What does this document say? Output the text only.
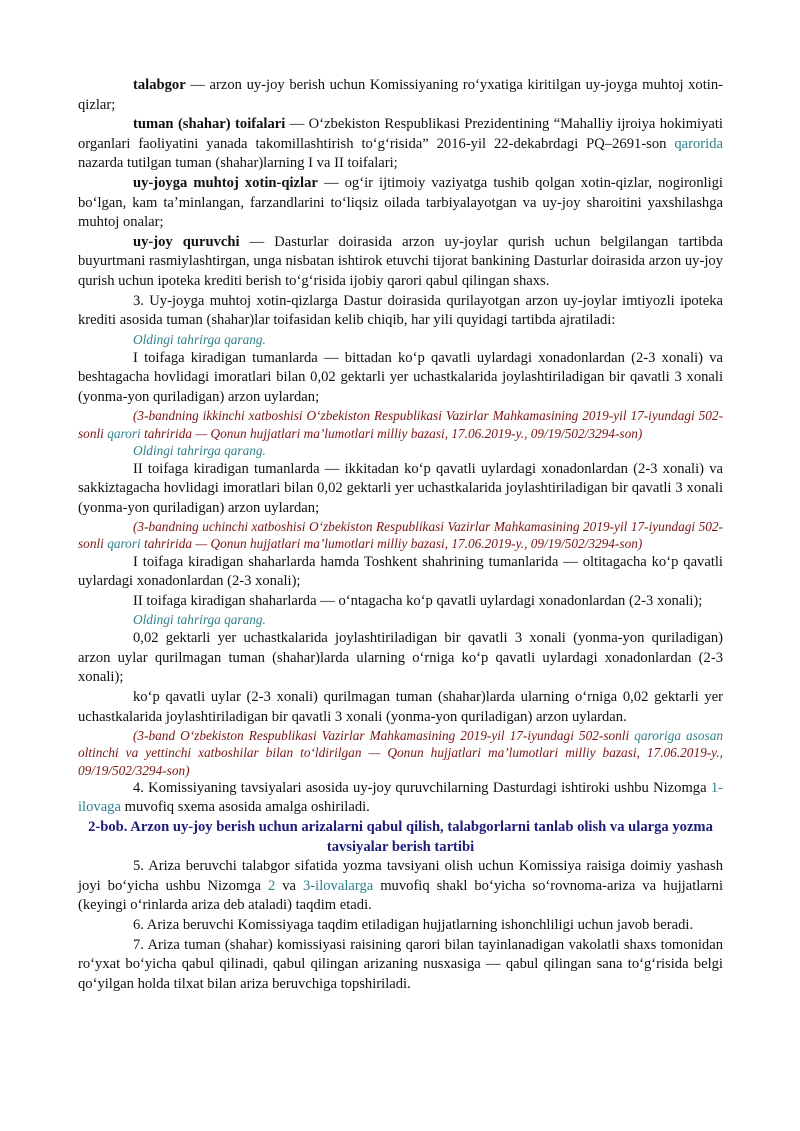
talabgor — arzon uy-joy berish uchun Komissiyaning roʻyxatiga kiritilgan uy-joyga muhtoj xotin-qizlar;

tuman (shahar) toifalari — Oʻzbekiston Respublikasi Prezidentining “Mahalliy ijroiya hokimiyati organlari faoliyatini yanada takomillashtirish toʻgʻrisida” 2016-yil 22-dekabrdagi PQ–2691-son qarorida nazarda tutilgan tuman (shahar)larning I va II toifalari;

uy-joyga muhtoj xotin-qizlar — ogʻir ijtimoiy vaziyatga tushib qolgan xotin-qizlar, nogironligi boʻlgan, kam taʼminlangan, farzandlarini toʻliqsiz oilada tarbiyalayotgan va uy-joy sharoitini yaxshilashga muhtoj onalar;

uy-joy quruvchi — Dasturlar doirasida arzon uy-joylar qurish uchun belgilangan tartibda buyurtmani rasmiylashtirgan, unga nisbatan ishtirok etuvchi tijorat bankining Dasturlar doirasida arzon uy-joy qurish uchun ipoteka krediti berish toʻgʻrisida ijobiy qarori qabul qilingan shaxs.

3. Uy-joyga muhtoj xotin-qizlarga Dastur doirasida qurilayotgan arzon uy-joylar imtiyozli ipoteka krediti asosida tuman (shahar)lar toifasidan kelib chiqib, har yili quyidagi tartibda ajratiladi:

Oldingi tahrirga qarang.

I toifaga kiradigan tumanlarda — bittadan koʻp qavatli uylardagi xonadonlardan (2-3 xonali) va beshtagacha hovlidagi imoratlari bilan 0,02 gektarli yer uchastkalarida joylashtiriladigan bir qavatli 3 xonali (yonma-yon quriladigan) arzon uylardan;

(3-bandning ikkinchi xatboshisi Oʻzbekiston Respublikasi Vazirlar Mahkamasining 2019-yil 17-iyundagi 502-sonli qarori tahririda — Qonun hujjatlari maʼlumotlari milliy bazasi, 17.06.2019-y., 09/19/502/3294-son)
Oldingi tahrirga qarang.

II toifaga kiradigan tumanlarda — ikkitadan koʻp qavatli uylardagi xonadonlardan (2-3 xonali) va sakkiztagacha hovlidagi imoratlari bilan 0,02 gektarli yer uchastkalarida joylashtiriladigan bir qavatli 3 xonali (yonma-yon quriladigan) arzon uylardan;

(3-bandning uchinchi xatboshisi Oʻzbekiston Respublikasi Vazirlar Mahkamasining 2019-yil 17-iyundagi 502-sonli qarori tahririda — Qonun hujjatlari maʼlumotlari milliy bazasi, 17.06.2019-y., 09/19/502/3294-son)

I toifaga kiradigan shaharlarda hamda Toshkent shahrining tumanlarida — oltitagacha koʻp qavatli uylardagi xonadonlardan (2-3 xonali);

II toifaga kiradigan shaharlarda — oʻntagacha koʻp qavatli uylardagi xonadonlardan (2-3 xonali);

Oldingi tahrirga qarang.

0,02 gektarli yer uchastkalarida joylashtiriladigan bir qavatli 3 xonali (yonma-yon quriladigan) arzon uylar qurilmagan tuman (shahar)larda ularning oʻrniga koʻp qavatli uylardagi xonadonlardan (2-3 xonali);

koʻp qavatli uylar (2-3 xonali) qurilmagan tuman (shahar)larda ularning oʻrniga 0,02 gektarli yer uchastkalarida joylashtiriladigan bir qavatli 3 xonali (yonma-yon quriladigan) arzon uylardan.

(3-band Oʻzbekiston Respublikasi Vazirlar Mahkamasining 2019-yil 17-iyundagi 502-sonli qaroriga asosan oltinchi va yettinchi xatboshilar bilan toʻldirilgan — Qonun hujjatlari maʼlumotlari milliy bazasi, 17.06.2019-y., 09/19/502/3294-son)

4. Komissiyaning tavsiyalari asosida uy-joy quruvchilarning Dasturdagi ishtiroki ushbu Nizomga 1-ilovaga muvofiq sxema asosida amalga oshiriladi.

2-bob. Arzon uy-joy berish uchun arizalarni qabul qilish, talabgorlarni tanlab olish va ularga yozma tavsiyalar berish tartibi

5. Ariza beruvchi talabgor sifatida yozma tavsiyani olish uchun Komissiya raisiga doimiy yashash joyi boʻyicha ushbu Nizomga 2 va 3-ilovalarga muvofiq shakl boʻyicha soʻrovnoma-ariza va hujjatlarni (keyingi oʻrinlarda ariza deb ataladi) taqdim etadi.

6. Ariza beruvchi Komissiyaga taqdim etiladigan hujjatlarning ishonchliligi uchun javob beradi.

7. Ariza tuman (shahar) komissiyasi raisining qarori bilan tayinlanadigan vakolatli shaxs tomonidan roʻyxat boʻyicha qabul qilinadi, qabul qilingan arizaning nusxasiga — qabul qilingan sana toʻgʻrisida belgi qoʻyilgan holda tilxat bilan ariza beruvchiga topshiriladi.
